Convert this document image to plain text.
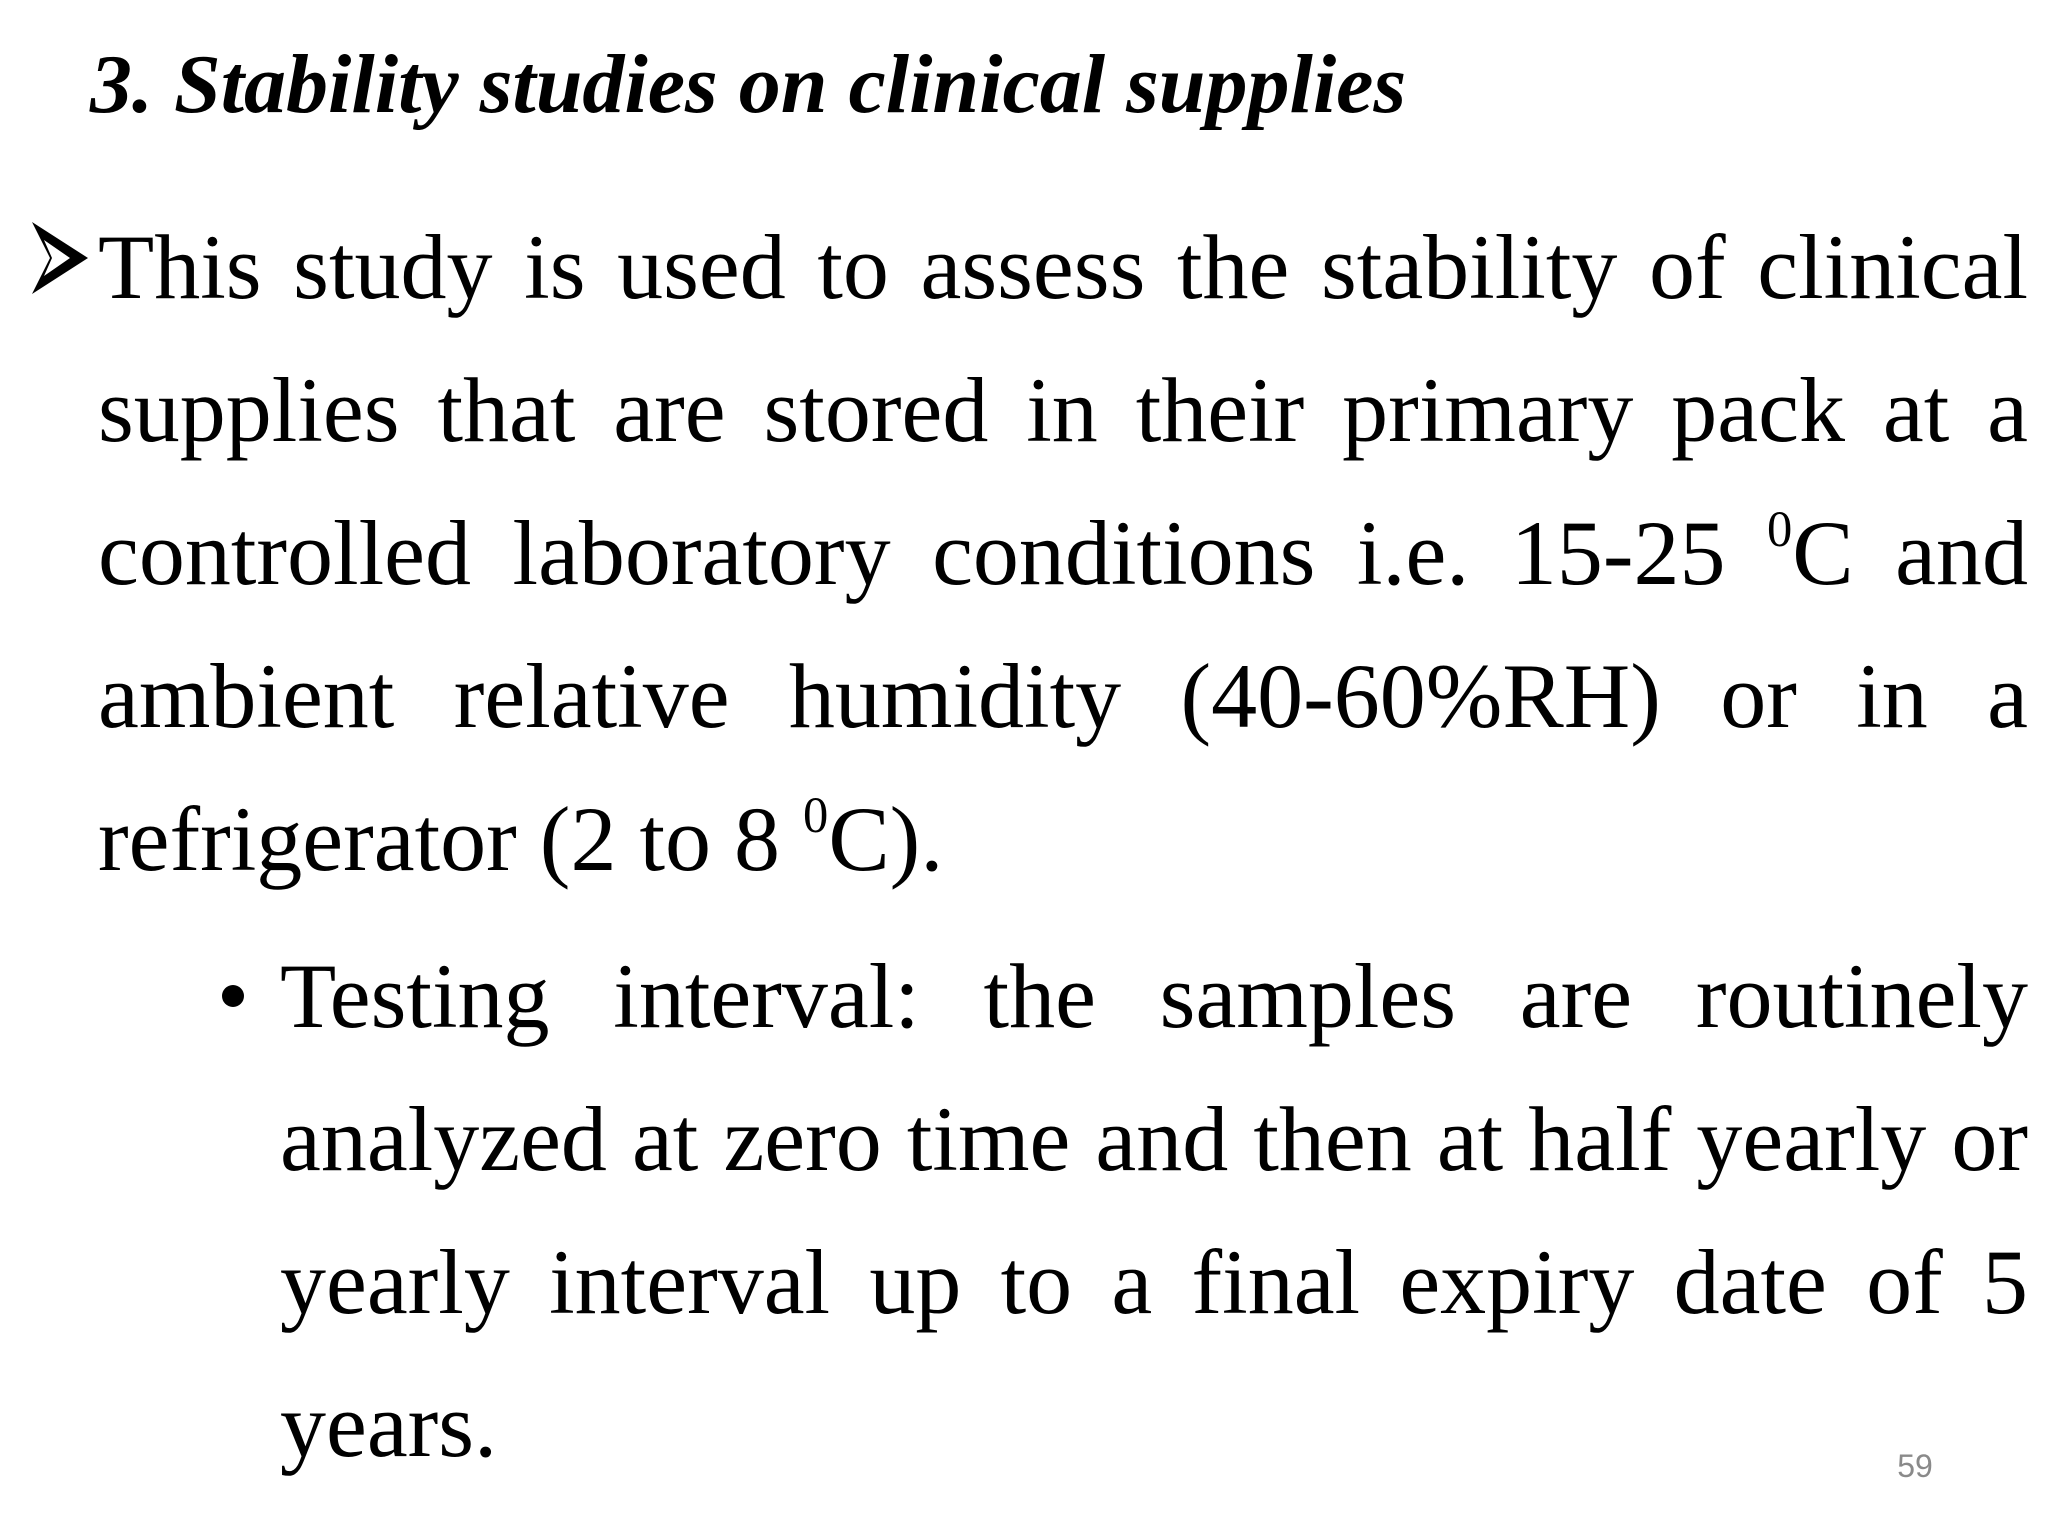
3. Stability studies on clinical supplies

This study is used to assess the stability of clinical supplies that are stored in their primary pack at a controlled laboratory conditions i.e. 15-25 $^0$C and ambient relative humidity (40-60%RH) or in a refrigerator (2 to 8 $^0$C).

Testing interval: the samples are routinely analyzed at zero time and then at half yearly or yearly interval up to a final expiry date of 5 years.	59
